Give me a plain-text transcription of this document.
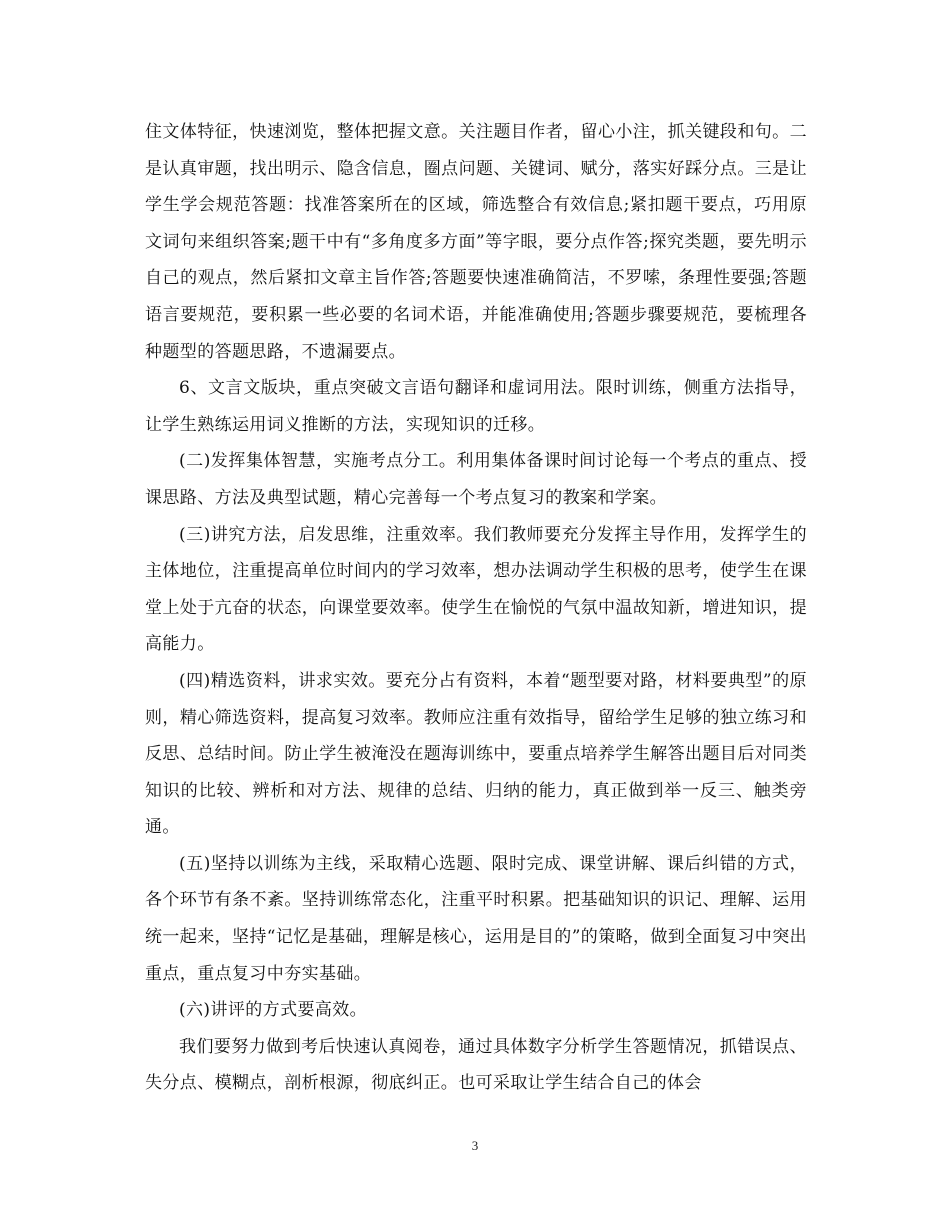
住文体特征，快速浏览，整体把握文意。关注题目作者，留心小注，抓关键段和句。二是认真审题，找出明示、隐含信息，圈点问题、关键词、赋分，落实好踩分点。三是让学生学会规范答题：找准答案所在的区域，筛选整合有效信息;紧扣题干要点，巧用原文词句来组织答案;题干中有“多角度多方面”等字眼，要分点作答;探究类题，要先明示自己的观点，然后紧扣文章主旨作答;答题要快速准确简洁，不罗嗦，条理性要强;答题语言要规范，要积累一些必要的名词术语，并能准确使用;答题步骤要规范，要梳理各种题型的答题思路，不遗漏要点。

6、文言文版块，重点突破文言语句翻译和虚词用法。限时训练，侧重方法指导，让学生熟练运用词义推断的方法，实现知识的迁移。

(二)发挥集体智慧，实施考点分工。利用集体备课时间讨论每一个考点的重点、授课思路、方法及典型试题，精心完善每一个考点复习的教案和学案。

(三)讲究方法，启发思维，注重效率。我们教师要充分发挥主导作用，发挥学生的主体地位，注重提高单位时间内的学习效率，想办法调动学生积极的思考，使学生在课堂上处于亢奋的状态，向课堂要效率。使学生在愉悦的气氛中温故知新，增进知识，提高能力。

(四)精选资料，讲求实效。要充分占有资料，本着“题型要对路，材料要典型”的原则，精心筛选资料，提高复习效率。教师应注重有效指导，留给学生足够的独立练习和反思、总结时间。防止学生被淹没在题海训练中，要重点培养学生解答出题目后对同类知识的比较、辨析和对方法、规律的总结、归纳的能力，真正做到举一反三、触类旁通。

(五)坚持以训练为主线，采取精心选题、限时完成、课堂讲解、课后纠错的方式，各个环节有条不紊。坚持训练常态化，注重平时积累。把基础知识的识记、理解、运用统一起来，坚持“记忆是基础，理解是核心，运用是目的”的策略，做到全面复习中突出重点，重点复习中夯实基础。

(六)讲评的方式要高效。

我们要努力做到考后快速认真阅卷，通过具体数字分析学生答题情况，抓错误点、失分点、模糊点，剖析根源，彻底纠正。也可采取让学生结合自己的体会

3
